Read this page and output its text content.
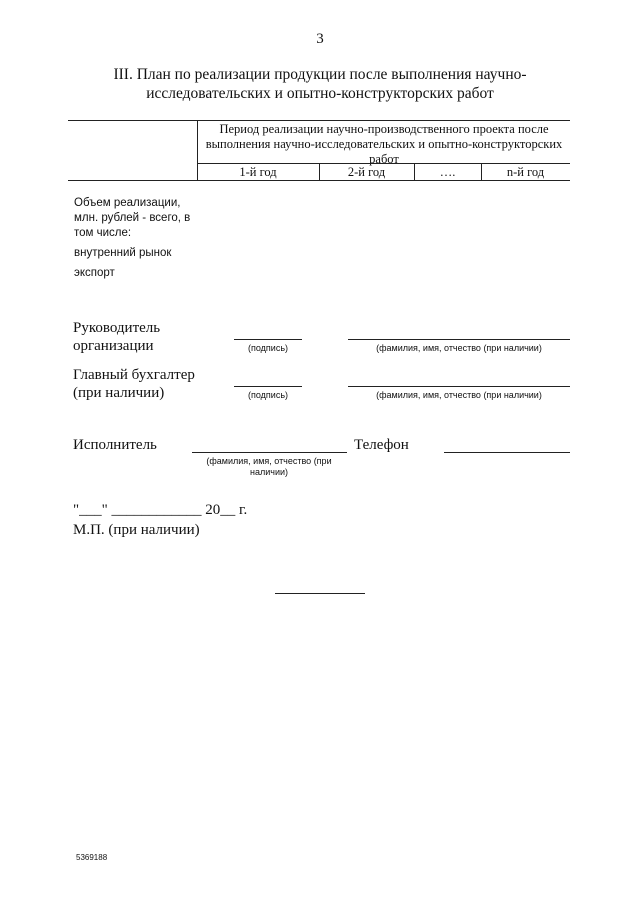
3
III. План по реализации продукции после выполнения научно-исследовательских и опытно-конструкторских работ
Период реализации научно-производственного проекта после выполнения научно-исследовательских и опытно-конструкторских работ
1-й год	2-й год	….	n-й год
Объем реализации, млн. рублей - всего, в том числе:
внутренний рынок
экспорт
Руководитель организации	(подпись)	(фамилия, имя, отчество (при наличии)
Главный бухгалтер (при наличии)	(подпись)	(фамилия, имя, отчество (при наличии)
Исполнитель
(фамилия, имя, отчество (при наличии)
Телефон
"___" ____________ 20__ г.
М.П. (при наличии)
5369188
